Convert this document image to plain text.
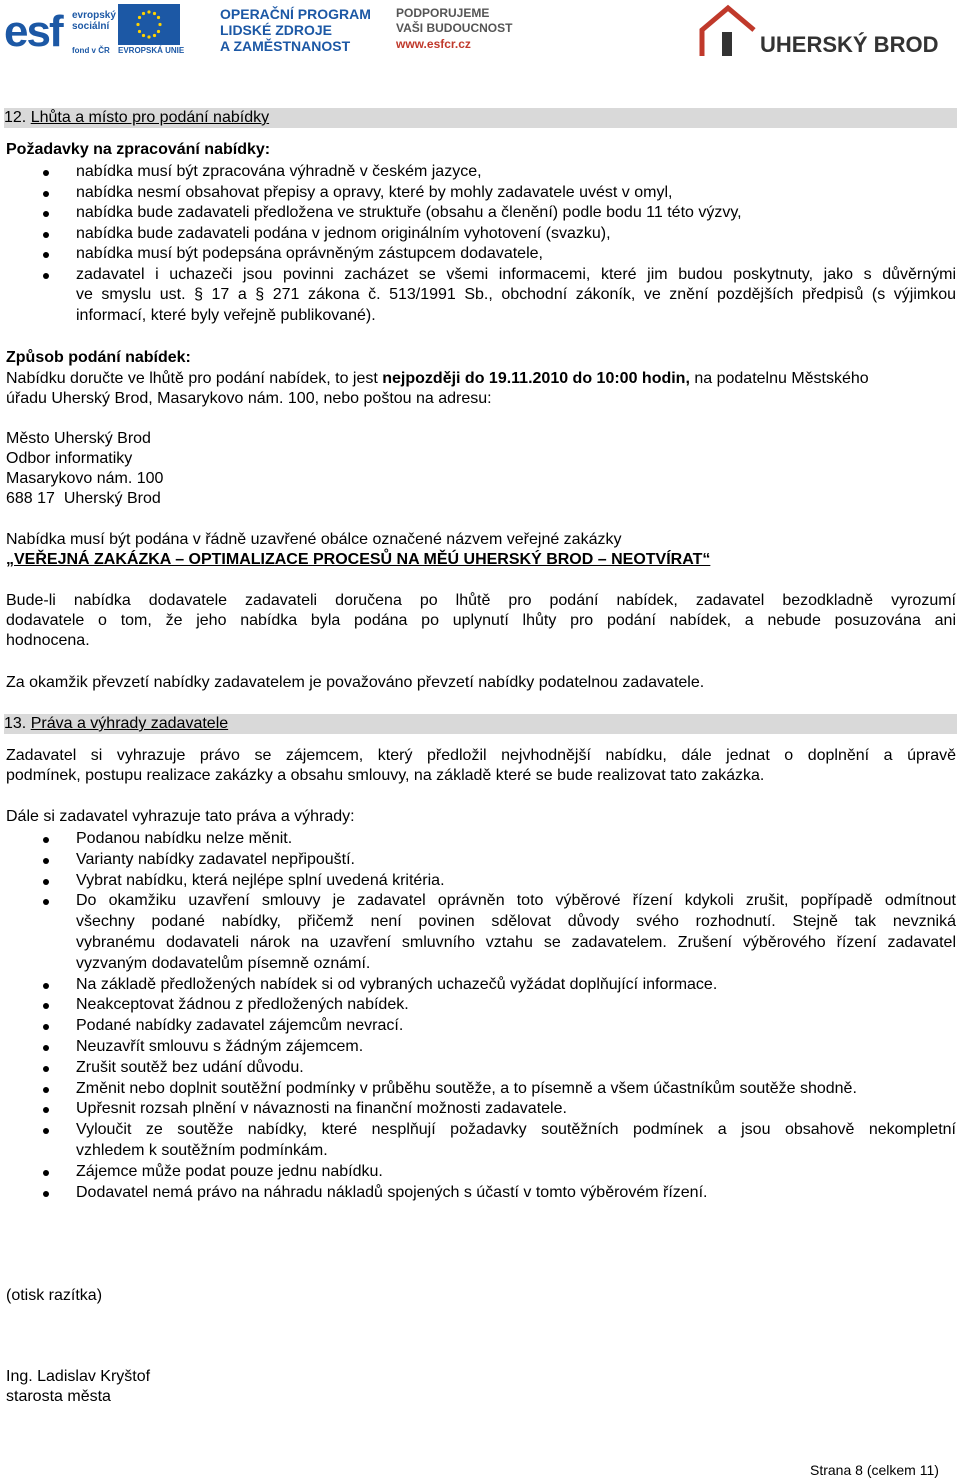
esf evropský
sociální
fond v ČR EVROPSKÁ UNIE
OPERAČNÍ PROGRAM
LIDSKÉ ZDROJE
A ZAMĚSTNANOST
PODPORUJEME
VAŠI BUDOUCNOST
www.esfcr.cz	UHERSKÝ BROD
12. Lhůta a místo pro podání nabídky
Požadavky na zpracování nabídky:
nabídka musí být zpracována výhradně v českém jazyce,
nabídka nesmí obsahovat přepisy a opravy, které by mohly zadavatele uvést v omyl,
nabídka bude zadavateli předložena ve struktuře (obsahu a členění) podle bodu 11 této výzvy,
nabídka bude zadavateli podána v jednom originálním vyhotovení (svazku),
nabídka musí být podepsána oprávněným zástupcem dodavatele,
zadavatel i uchazeči jsou povinni zacházet se všemi informacemi, které jim budou poskytnuty, jako s důvěrnými
ve smyslu ust. § 17 a § 271 zákona č. 513/1991 Sb., obchodní zákoník, ve znění pozdějších předpisů (s výjimkou
informací, které byly veřejně publikované).
Způsob podání nabídek:
Nabídku doručte ve lhůtě pro podání nabídek, to jest nejpozději do 19.11.2010 do 10:00 hodin, na podatelnu Městského
úřadu Uherský Brod, Masarykovo nám. 100, nebo poštou na adresu:
Město Uherský Brod
Odbor informatiky
Masarykovo nám. 100
688 17  Uherský Brod
Nabídka musí být podána v řádně uzavřené obálce označené názvem veřejné zakázky
„VEŘEJNÁ ZAKÁZKA – OPTIMALIZACE PROCESŮ NA MĚÚ UHERSKÝ BROD – NEOTVÍRAT“
Bude-li nabídka dodavatele zadavateli doručena po lhůtě pro podání nabídek, zadavatel bezodkladně vyrozumí
dodavatele o tom, že jeho nabídka byla podána po uplynutí lhůty pro podání nabídek, a nebude posuzována ani
hodnocena.
Za okamžik převzetí nabídky zadavatelem je považováno převzetí nabídky podatelnou zadavatele.
13. Práva a výhrady zadavatele
Zadavatel si vyhrazuje právo se zájemcem, který předložil nejvhodnější nabídku, dále jednat o doplnění a úpravě
podmínek, postupu realizace zakázky a obsahu smlouvy, na základě které se bude realizovat tato zakázka.
Dále si zadavatel vyhrazuje tato práva a výhrady:
Podanou nabídku nelze měnit.
Varianty nabídky zadavatel nepřipouští.
Vybrat nabídku, která nejlépe splní uvedená kritéria.
Do okamžiku uzavření smlouvy je zadavatel oprávněn toto výběrové řízení kdykoli zrušit, popřípadě odmítnout
všechny podané nabídky, přičemž není povinen sdělovat důvody svého rozhodnutí. Stejně tak nevzniká
vybranému dodavateli nárok na uzavření smluvního vztahu se zadavatelem. Zrušení výběrového řízení zadavatel
vyzvaným dodavatelům písemně oznámí.
Na základě předložených nabídek si od vybraných uchazečů vyžádat doplňující informace.
Neakceptovat žádnou z předložených nabídek.
Podané nabídky zadavatel zájemcům nevrací.
Neuzavřít smlouvu s žádným zájemcem.
Zrušit soutěž bez udání důvodu.
Změnit nebo doplnit soutěžní podmínky v průběhu soutěže, a to písemně a všem účastníkům soutěže shodně.
Upřesnit rozsah plnění v návaznosti na finanční možnosti zadavatele.
Vyloučit ze soutěže nabídky, které nesplňují požadavky soutěžních podmínek a jsou obsahově nekompletní
vzhledem k soutěžním podmínkám.
Zájemce může podat pouze jednu nabídku.
Dodavatel nemá právo na náhradu nákladů spojených s účastí v tomto výběrovém řízení.
(otisk razítka)
Ing. Ladislav Kryštof
starosta města
Strana 8 (celkem 11)
